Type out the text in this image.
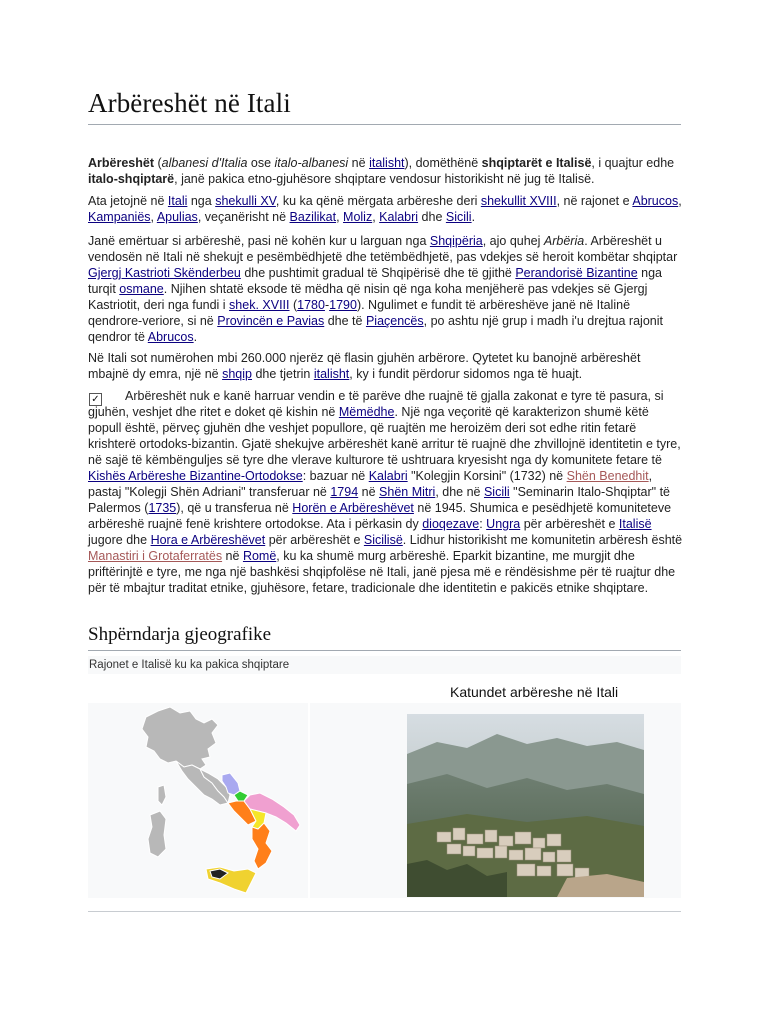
Arbëreshët në Itali

Arbëreshët (albanesi d'Italia ose italo-albanesi në italisht), domëthënë shqiptarët e Italisë, i quajtur edhe italo-shqiptarë, janë pakica etno-gjuhësore shqiptare vendosur historikisht në jug të Italisë.

Ata jetojnë në Itali nga shekulli XV, ku ka qënë mërgata arbëreshe deri shekullit XVIII, në rajonet e Abrucos, Kampaniës, Apulias, veçanërisht në Bazilikat, Moliz, Kalabri dhe Sicili.

Janë emërtuar si arbëreshë, pasi në kohën kur u larguan nga Shqipëria, ajo quhej Arbëria. Arbëreshët u vendosën në Itali në shekujt e pesëmbëdhjetë dhe tetëmbëdhjetë, pas vdekjes së heroit kombëtar shqiptar Gjergj Kastrioti Skënderbeu dhe pushtimit gradual të Shqipërisë dhe të gjithë Perandorisë Bizantine nga turqit osmane. Njihen shtatë eksode të mëdha që nisin që nga koha menjëherë pas vdekjes së Gjergj Kastriotit, deri nga fundi i shek. XVIII (1780-1790). Ngulimet e fundit të arbëreshëve janë në Italinë qendrore-veriore, si në Provincën e Pavias dhe të Piaçencës, po ashtu një grup i madh i'u drejtua rajonit qendror të Abrucos.

Në Itali sot numërohen mbi 260.000 njerëz që flasin gjuhën arbërore. Qytetet ku banojnë arbëreshët mbajnë dy emra, një në shqip dhe tjetrin italisht, ky i fundit përdorur sidomos nga të huajt.

✓	Arbëreshët nuk e kanë harruar vendin e të parëve dhe ruajnë të gjalla zakonat e tyre të pasura, si gjuhën, veshjet dhe ritet e doket që kishin në Mëmëdhe. Një nga veçoritë që karakterizon shumë këtë popull është, përveç gjuhën dhe veshjet popullore, që ruajtën me heroizëm deri sot edhe ritin fetarë krishterë ortodoks-bizantin. Gjatë shekujve arbëreshët kanë arritur të ruajnë dhe zhvillojnë identitetin e tyre, në sajë të këmbëngulјes së tyre dhe vlerave kulturore të ushtruara kryesisht nga dy komunitete fetare të Kishës Arbëreshe Bizantine-Ortodokse: bazuar në Kalabri "Kolegjin Korsini" (1732) në Shën Benedhit, pastaj "Kolegji Shën Adriani" transferuar në 1794 në Shën Mitri, dhe në Sicili "Seminarin Italo-Shqiptar" të Palermos (1735), që u transferua në Horën e Arbëreshëvet në 1945. Shumica e pesëdhjetë komuniteteve arbëreshë ruajnë fenë krishtere ortodokse. Ata i përkasin dy dioqezave: Ungra për arbëreshët e Italisë jugore dhe Hora e Arbëreshëvet për arbëreshët e Sicilisë. Lidhur historikisht me komunitetin arbëresh është Manastiri i Grotaferratës në Romë, ku ka shumë murg arbëreshë. Eparkit bizantine, me murgjit dhe priftërinjtë e tyre, me nga një bashkësi shqipfolëse në Itali, janë pjesa më e rëndësishme për të ruajtur dhe për të mbajtur traditat etnike, gjuhësore, fetare, tradicionale dhe identitetin e pakicës etnike shqiptare.

Shpërndarja gjeografike
Rajonet e Italisë ku ka pakica shqiptare
Katundet arbëreshe në Itali
